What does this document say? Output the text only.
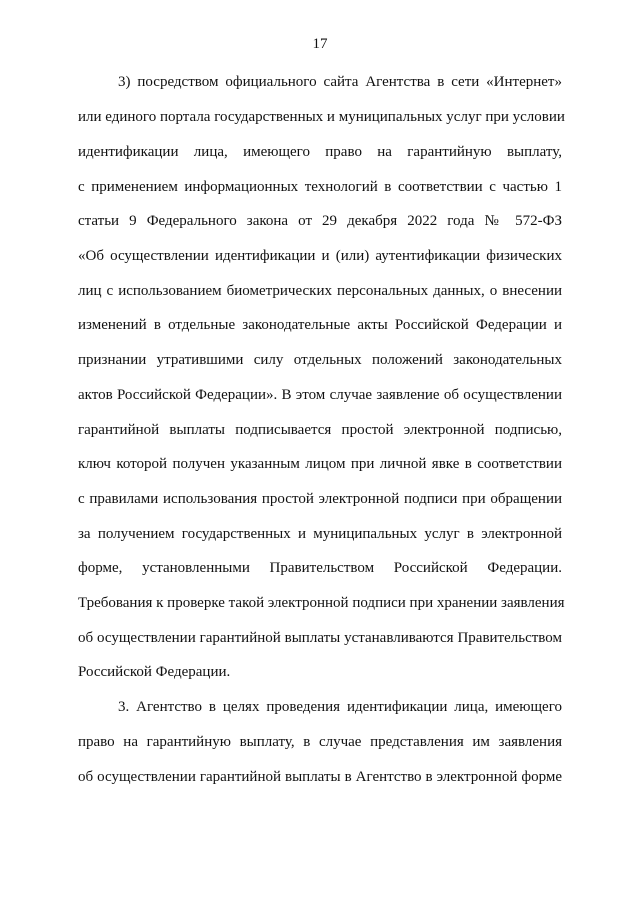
17
3) посредством официального сайта Агентства в сети «Интернет»
или единого портала государственных и муниципальных услуг при условии
идентификации лица, имеющего право на гарантийную выплату,
с применением информационных технологий в соответствии с частью 1
статьи 9 Федерального закона от 29 декабря 2022 года № 572-ФЗ
«Об осуществлении идентификации и (или) аутентификации физических
лиц с использованием биометрических персональных данных, о внесении
изменений в отдельные законодательные акты Российской Федерации и
признании утратившими силу отдельных положений законодательных
актов Российской Федерации». В этом случае заявление об осуществлении
гарантийной выплаты подписывается простой электронной подписью,
ключ которой получен указанным лицом при личной явке в соответствии
с правилами использования простой электронной подписи при обращении
за получением государственных и муниципальных услуг в электронной
форме, установленными Правительством Российской Федерации.
Требования к проверке такой электронной подписи при хранении заявления
об осуществлении гарантийной выплаты устанавливаются Правительством
Российской Федерации.
3. Агентство в целях проведения идентификации лица, имеющего
право на гарантийную выплату, в случае представления им заявления
об осуществлении гарантийной выплаты в Агентство в электронной форме
